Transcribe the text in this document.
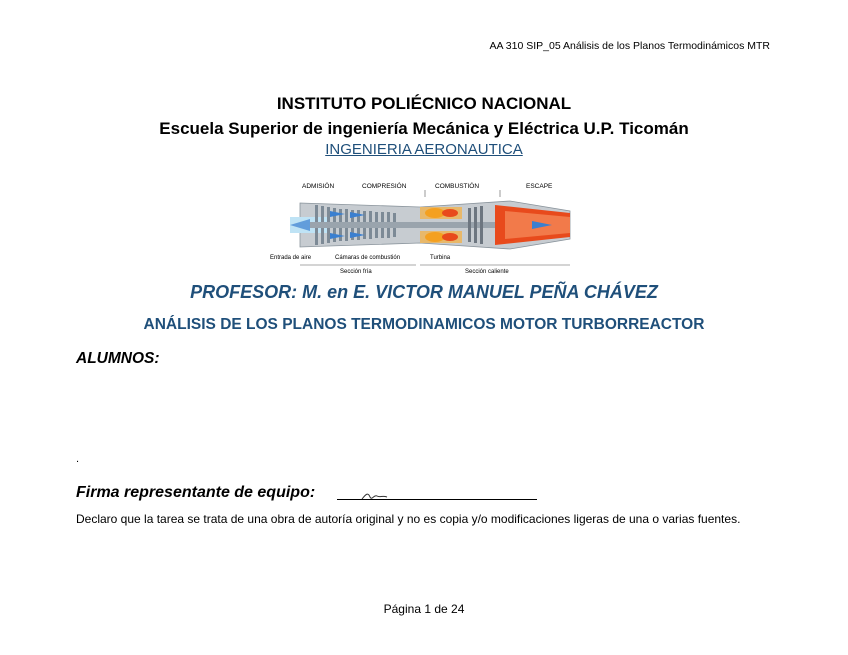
AA 310 SIP_05 Análisis de los Planos Termodinámicos MTR
INSTITUTO POLIÉCNICO NACIONAL
Escuela Superior de ingeniería Mecánica y Eléctrica U.P. Ticomán
INGENIERIA AERONAUTICA
ADMISIÓN	COMPRESIÓN	COMBUSTIÓN	ESCAPE
Entrada de aire	Cámaras de combustión	Turbina
Sección fría	Sección caliente
PROFESOR: M. en E. VICTOR MANUEL PEÑA CHÁVEZ
ANÁLISIS DE LOS PLANOS TERMODINAMICOS MOTOR TURBORREACTOR
ALUMNOS:
.
Firma representante de equipo:
Declaro que la tarea se trata de una obra de autoría original y no es copia y/o modificaciones ligeras de una o varias fuentes.
Página 1 de 24
